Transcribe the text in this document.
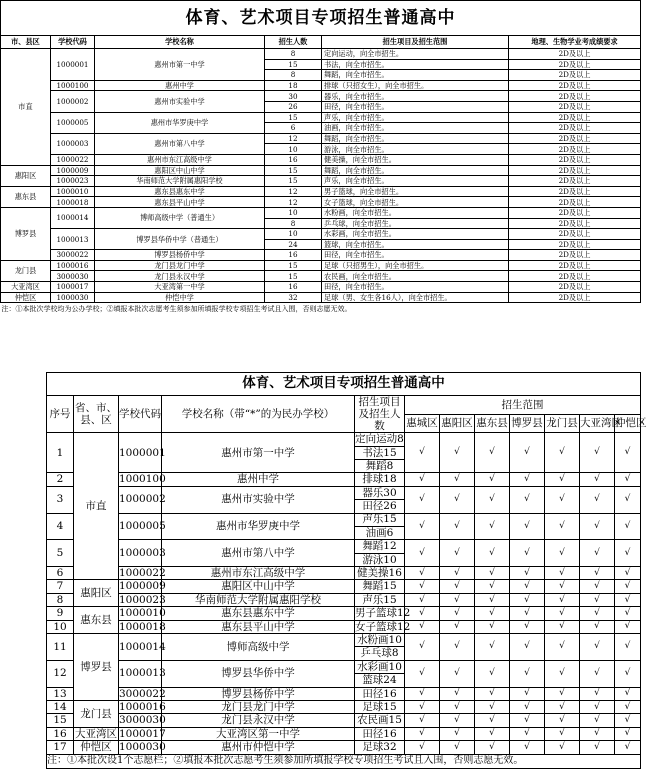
体育、艺术项目专项招生普通高中					
市、县区	学校代码	学校名称	招生人数	招生项目及招生范围	地理、生物学业考成绩要求
市直	1000001	惠州市第一中学	8	定向运动，向全市招生。	2D及以上
			15	书法，向全市招生。	2D及以上
			8	舞蹈，向全市招生。	2D及以上
	1000100	惠州中学	18	排球（只招女生），向全市招生。	2D及以上
	1000002	惠州市实验中学	30	器乐，向全市招生。	2D及以上
			26	田径，向全市招生。	2D及以上
	1000005	惠州市华罗庚中学	15	声乐，向全市招生。	2D及以上
			6	油画，向全市招生。	2D及以上
	1000003	惠州市第八中学	12	舞蹈，向全市招生。	2D及以上
			10	游泳，向全市招生。	2D及以上
	1000022	惠州市东江高级中学	16	健美操，向全市招生。	2D及以上
惠阳区	1000009	惠阳区中山中学	15	舞蹈，向全市招生。	2D及以上
	1000023	华南师范大学附属惠阳学校	15	声乐，向全市招生。	2D及以上
惠东县	1000010	惠东县惠东中学	12	男子篮球，向全市招生。	2D及以上
	1000018	惠东县平山中学	12	女子篮球，向全市招生。	2D及以上
博罗县	1000014	博师高级中学（普通生）	10	水粉画，向全市招生。	2D及以上
			8	乒乓球，向全市招生。	2D及以上
	1000013	博罗县华侨中学（普通生）	10	水彩画，向全市招生。	2D及以上
			24	篮球，向全市招生。	2D及以上
	3000022	博罗县杨侨中学	16	田径，向全市招生。	2D及以上
龙门县	1000016	龙门县龙门中学	15	足球（只招男生），向全市招生。	2D及以上
	3000030	龙门县永汉中学	15	农民画，向全市招生。	2D及以上
大亚湾区	1000017	大亚湾第一中学	16	田径，向全市招生。	2D及以上
仲恺区	1000030	仲恺中学	32	足球（男、女生各16人），向全市招生。	2D及以上
注：①本批次学校均为公办学校；②填报本批次志愿考生须参加所填报学校专项招生考试且入围，否则志愿无效。					
体育、艺术项目专项招生普通高中											
序号	省、市、县、区	学校代码	学校名称（带“*”的为民办学校）	招生项目及招生人数	招生范围						
					惠城区	惠阳区	惠东县	博罗县	龙门县	大亚湾区	仲恺区
1	市直	1000001	惠州市第一中学	定向运动8	√	√	√	√	√	√	√
				书法15							
				舞蹈8							
2		1000100	惠州中学	排球18	√	√	√	√	√	√	√
3		1000002	惠州市实验中学	器乐30	√	√	√	√	√	√	√
				田径26							
4		1000005	惠州市华罗庚中学	声乐15	√	√	√	√	√	√	√
				油画6							
5		1000003	惠州市第八中学	舞蹈12	√	√	√	√	√	√	√
				游泳10							
6		1000022	惠州市东江高级中学	健美操16	√	√	√	√	√	√	√
7	惠阳区	1000009	惠阳区中山中学	舞蹈15	√	√	√	√	√	√	√
8		1000023	华南师范大学附属惠阳学校	声乐15	√	√	√	√	√	√	√
9	惠东县	1000010	惠东县惠东中学	男子篮球12	√	√	√	√	√	√	√
10		1000018	惠东县平山中学	女子篮球12	√	√	√	√	√	√	√
11	博罗县	1000014	博师高级中学	水粉画10	√	√	√	√	√	√	√
				乒乓球8							
12		1000013	博罗县华侨中学	水彩画10	√	√	√	√	√	√	√
				篮球24							
13		3000022	博罗县杨侨中学	田径16	√	√	√	√	√	√	√
14	龙门县	1000016	龙门县龙门中学	足球15	√	√	√	√	√	√	√
15		3000030	龙门县永汉中学	农民画15	√	√	√	√	√	√	√
16	大亚湾区	1000017	大亚湾区第一中学	田径16	√	√	√	√	√	√	√
17	仲恺区	1000030	惠州市仲恺中学	足球32	√	√	√	√	√	√	√
注：①本批次设1个志愿栏；②填报本批次志愿考生须参加所填报学校专项招生考试且入围，否则志愿无效。											
